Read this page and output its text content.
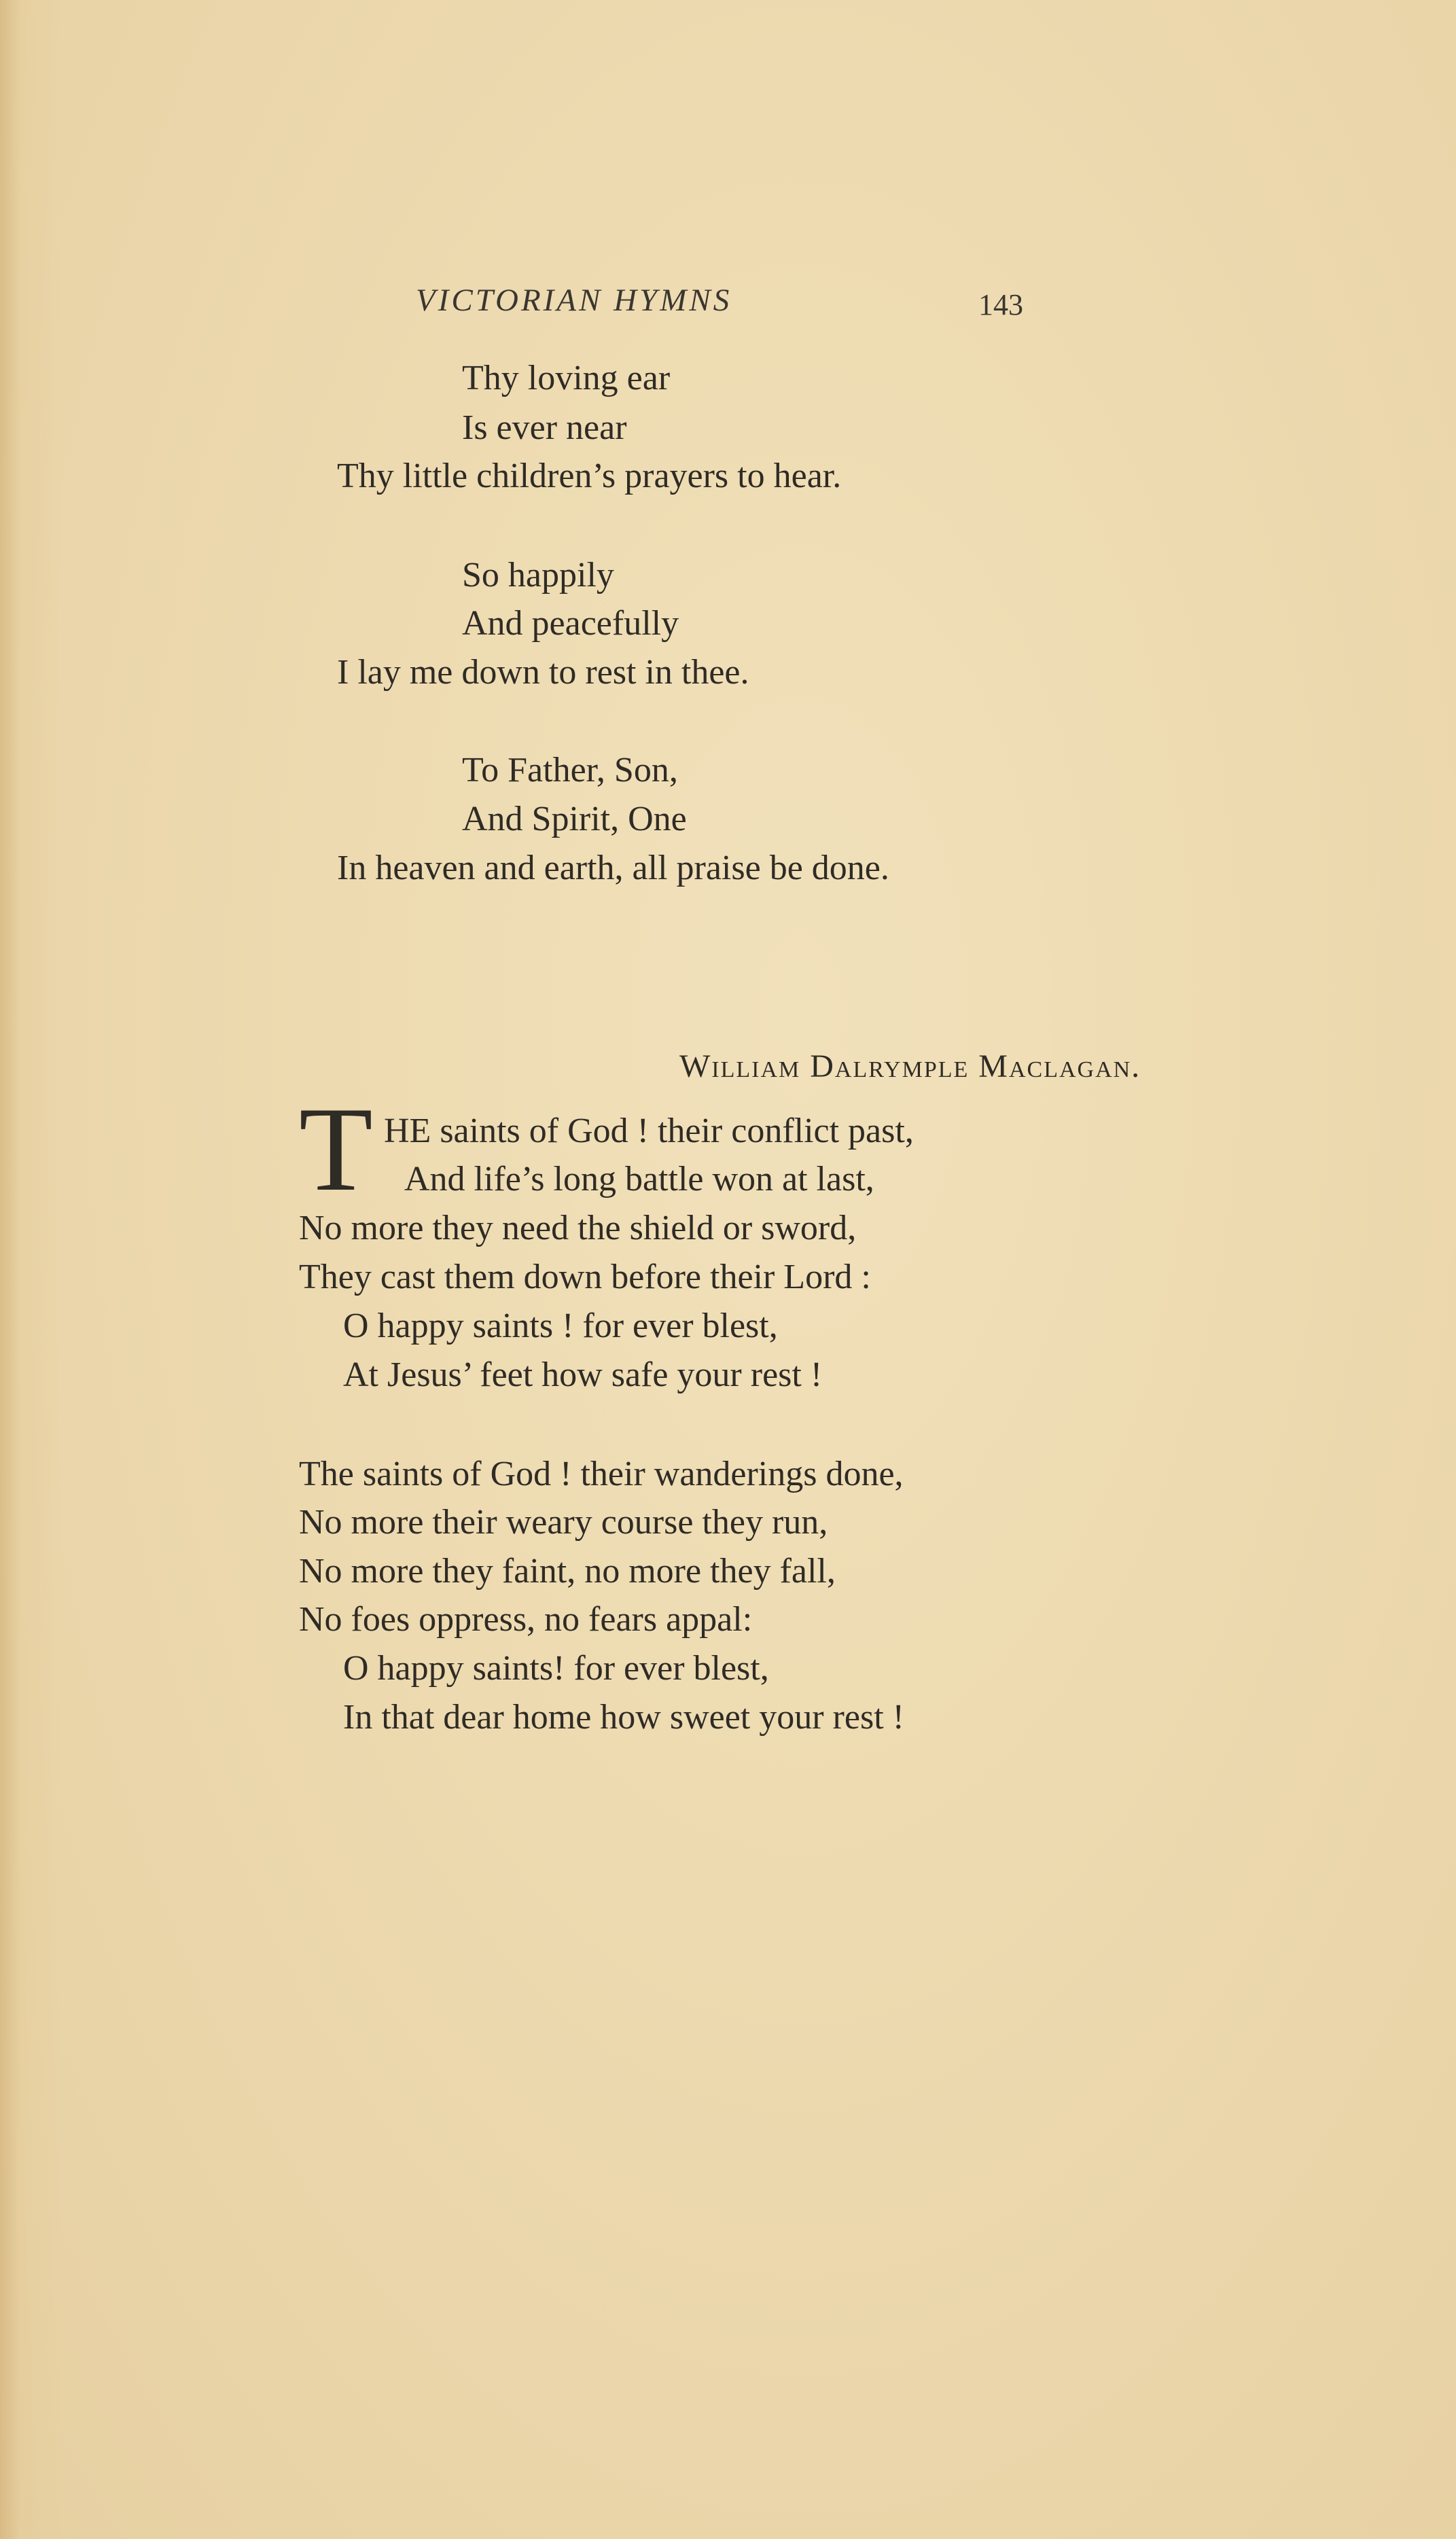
VICTORIAN HYMNS	143
Thy loving ear
Is ever near
Thy little children’s prayers to hear.
So happily
And peacefully
I lay me down to rest in thee.
To Father, Son,
And Spirit, One
In heaven and earth, all praise be done.
William Dalrymple Maclagan.
T HE saints of God ! their conflict past,
And life’s long battle won at last,
No more they need the shield or sword,
They cast them down before their Lord :
O happy saints ! for ever blest,
At Jesus’ feet how safe your rest !
The saints of God ! their wanderings done,
No more their weary course they run,
No more they faint, no more they fall,
No foes oppress, no fears appal:
O happy saints! for ever blest,
In that dear home how sweet your rest !
